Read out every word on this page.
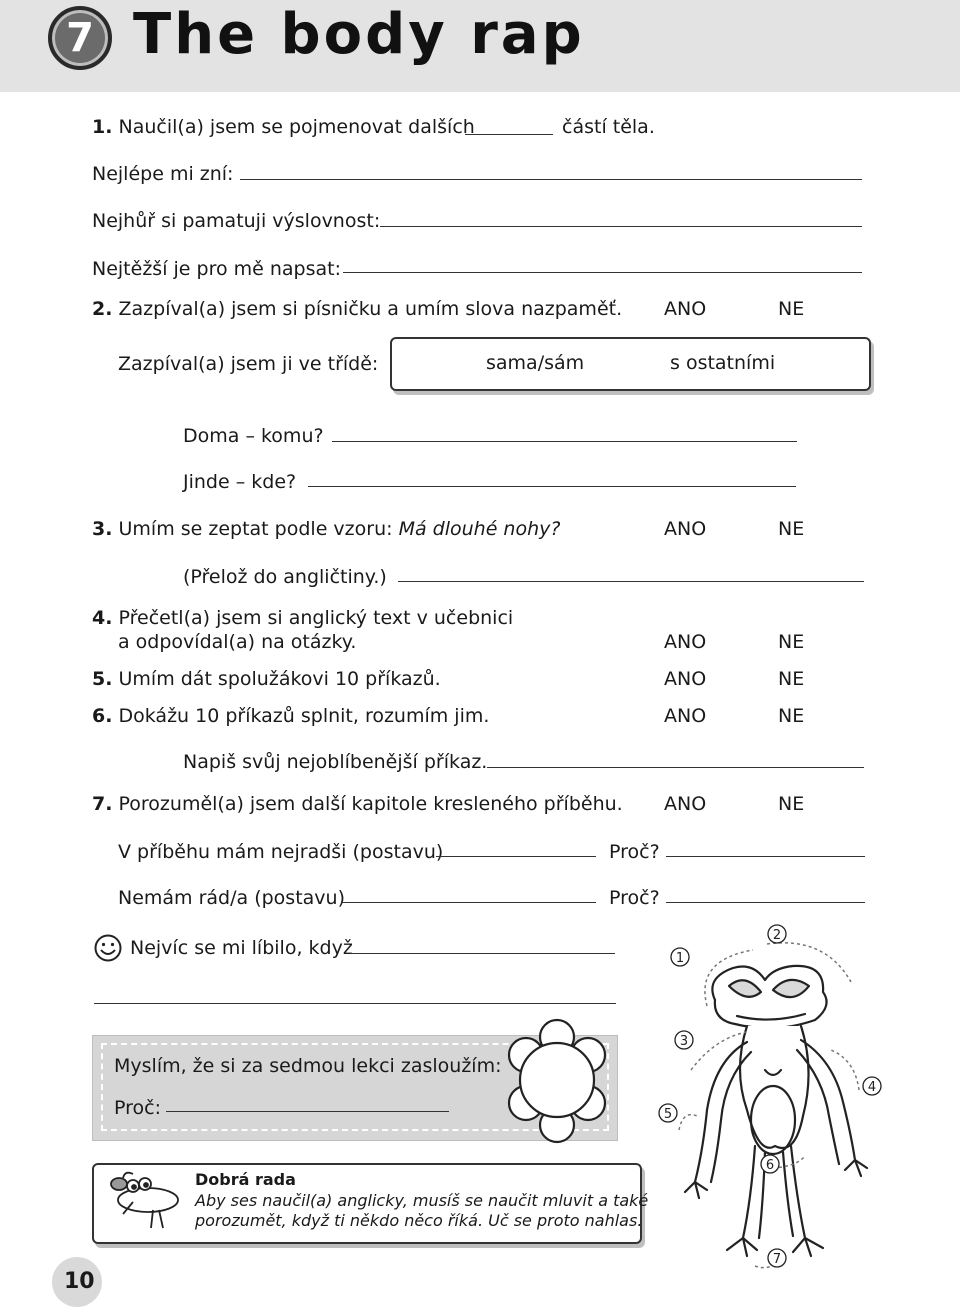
7 The body rap
1. Naučil(a) jsem se pojmenovat dalších	částí těla.
Nejlépe mi zní:
Nejhůř si pamatuji výslovnost:
Nejtěžší je pro mě napsat:
2. Zazpíval(a) jsem si písničku a umím slova nazpaměť. ANO	NE
Zazpíval(a) jsem ji ve třídě:	sama/sám	s ostatními
Doma – komu?
Jinde – kde?
3. Umím se zeptat podle vzoru: Má dlouhé nohy?	ANO	NE
(Přelož do angličtiny.)
4. Přečetl(a) jsem si anglický text v učebnici
a odpovídal(a) na otázky.	ANO	NE
5. Umím dát spolužákovi 10 příkazů.	ANO	NE
6. Dokážu 10 příkazů splnit, rozumím jim.	ANO	NE
Napiš svůj nejoblíbenější příkaz.
7. Porozuměl(a) jsem další kapitole kresleného příběhu. ANO	NE
V příběhu mám nejradši (postavu)	Proč?
Nemám rád/a (postavu)	Proč?
Nejvíc se mi líbilo, když
Myslím, že si za sedmou lekci zasloužím:
Proč:
Dobrá rada
Aby ses naučil(a) anglicky, musíš se naučit mluvit a také
porozumět, když ti někdo něco říká. Uč se proto nahlas.
1
2
3
4
5
6
7
10
